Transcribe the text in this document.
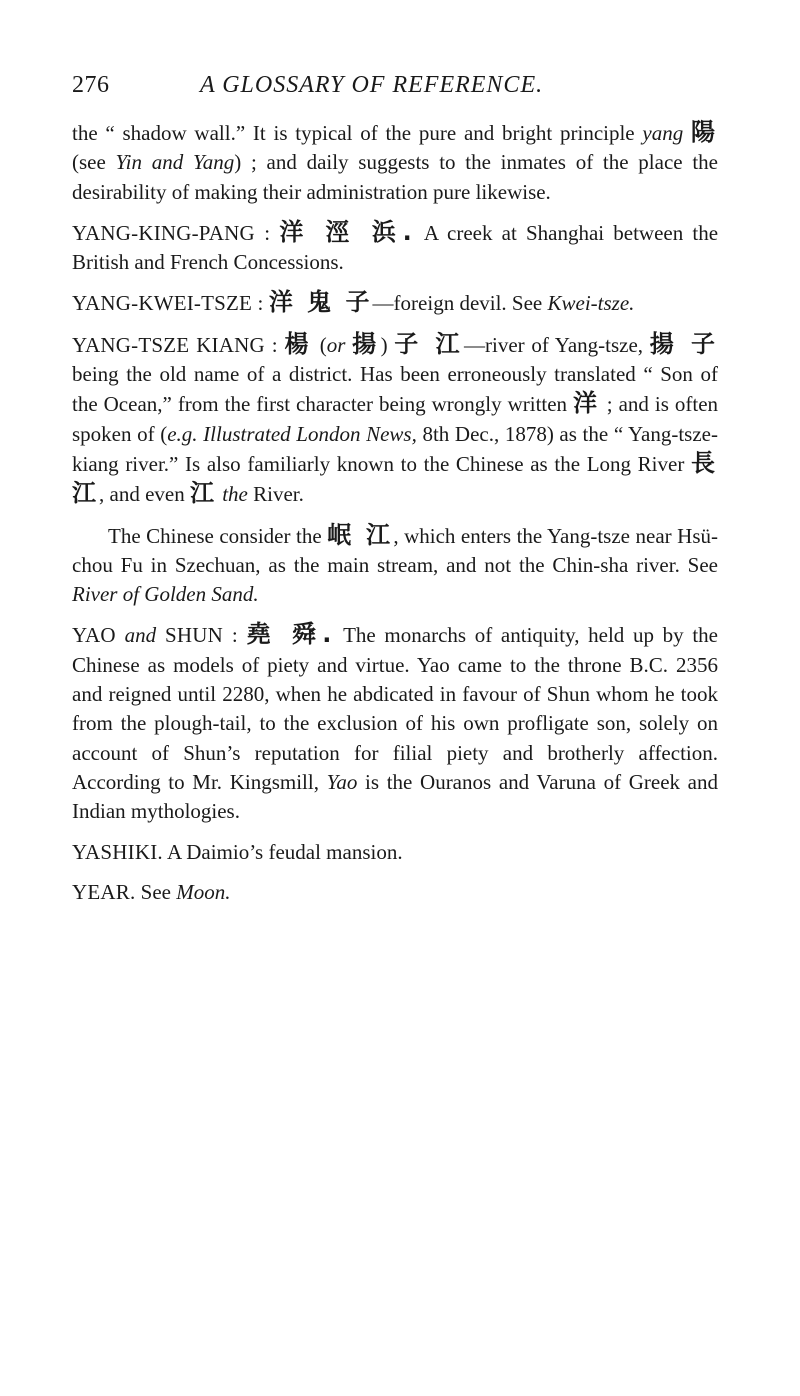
276	A GLOSSARY OF REFERENCE.

the “ shadow wall.” It is typical of the pure and bright principle yang 陽 (see Yin and Yang) ; and daily suggests to the inmates of the place the desirability of making their administration pure likewise.

YANG-KING-PANG : 洋 涇 浜. A creek at Shanghai between the British and French Concessions.

YANG-KWEI-TSZE : 洋 鬼 子—foreign devil. See Kwei-tsze.

YANG-TSZE KIANG : 楊 (or 揚) 子 江—river of Yang-tsze, 揚 子 being the old name of a district. Has been erroneously translated “ Son of the Ocean,” from the first character being wrongly written 洋 ; and is often spoken of (e.g. Illustrated London News, 8th Dec., 1878) as the “ Yang-tsze-kiang river.” Is also familiarly known to the Chinese as the Long River 長 江, and even 江 the River.

The Chinese consider the 岷 江, which enters the Yang-tsze near Hsü-chou Fu in Szechuan, as the main stream, and not the Chin-sha river. See River of Golden Sand.

YAO and SHUN : 堯 舜. The monarchs of antiquity, held up by the Chinese as models of piety and virtue. Yao came to the throne B.C. 2356 and reigned until 2280, when he abdicated in favour of Shun whom he took from the plough-tail, to the exclusion of his own profligate son, solely on account of Shun’s reputation for filial piety and brotherly affection. According to Mr. Kingsmill, Yao is the Ouranos and Varuna of Greek and Indian mythologies.

YASHIKI. A Daimio’s feudal mansion.

YEAR. See Moon.
